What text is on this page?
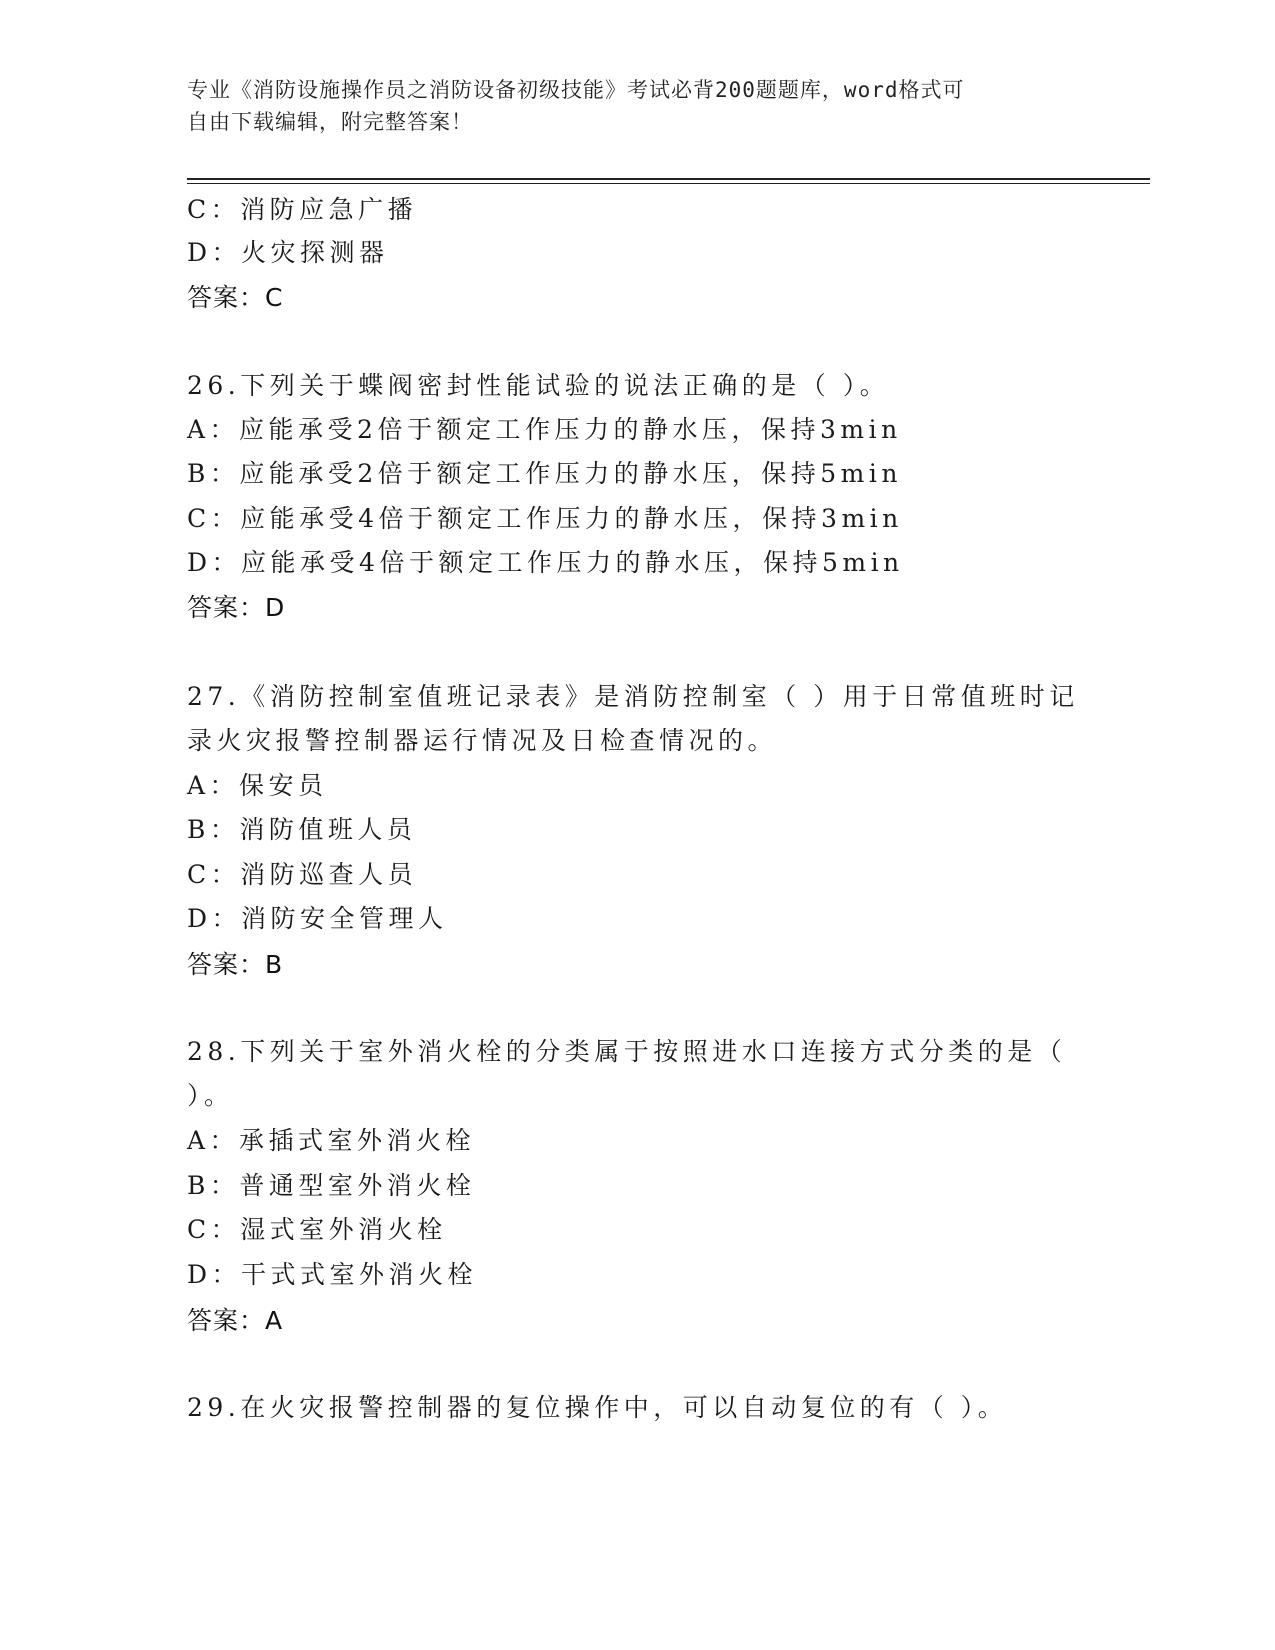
专业《消防设施操作员之消防设备初级技能》考试必背200题题库，word格式可
自由下载编辑，附完整答案！
C：消防应急广播
D：火灾探测器
答案：C
26.下列关于蝶阀密封性能试验的说法正确的是（ ）。
A：应能承受2倍于额定工作压力的静水压，保持3min
B：应能承受2倍于额定工作压力的静水压，保持5min
C：应能承受4倍于额定工作压力的静水压，保持3min
D：应能承受4倍于额定工作压力的静水压，保持5min
答案：D
27.《消防控制室值班记录表》是消防控制室（ ）用于日常值班时记
录火灾报警控制器运行情况及日检查情况的。
A：保安员
B：消防值班人员
C：消防巡查人员
D：消防安全管理人
答案：B
28.下列关于室外消火栓的分类属于按照进水口连接方式分类的是（
）。
A：承插式室外消火栓
B：普通型室外消火栓
C：湿式室外消火栓
D：干式式室外消火栓
答案：A
29.在火灾报警控制器的复位操作中，可以自动复位的有（ ）。
